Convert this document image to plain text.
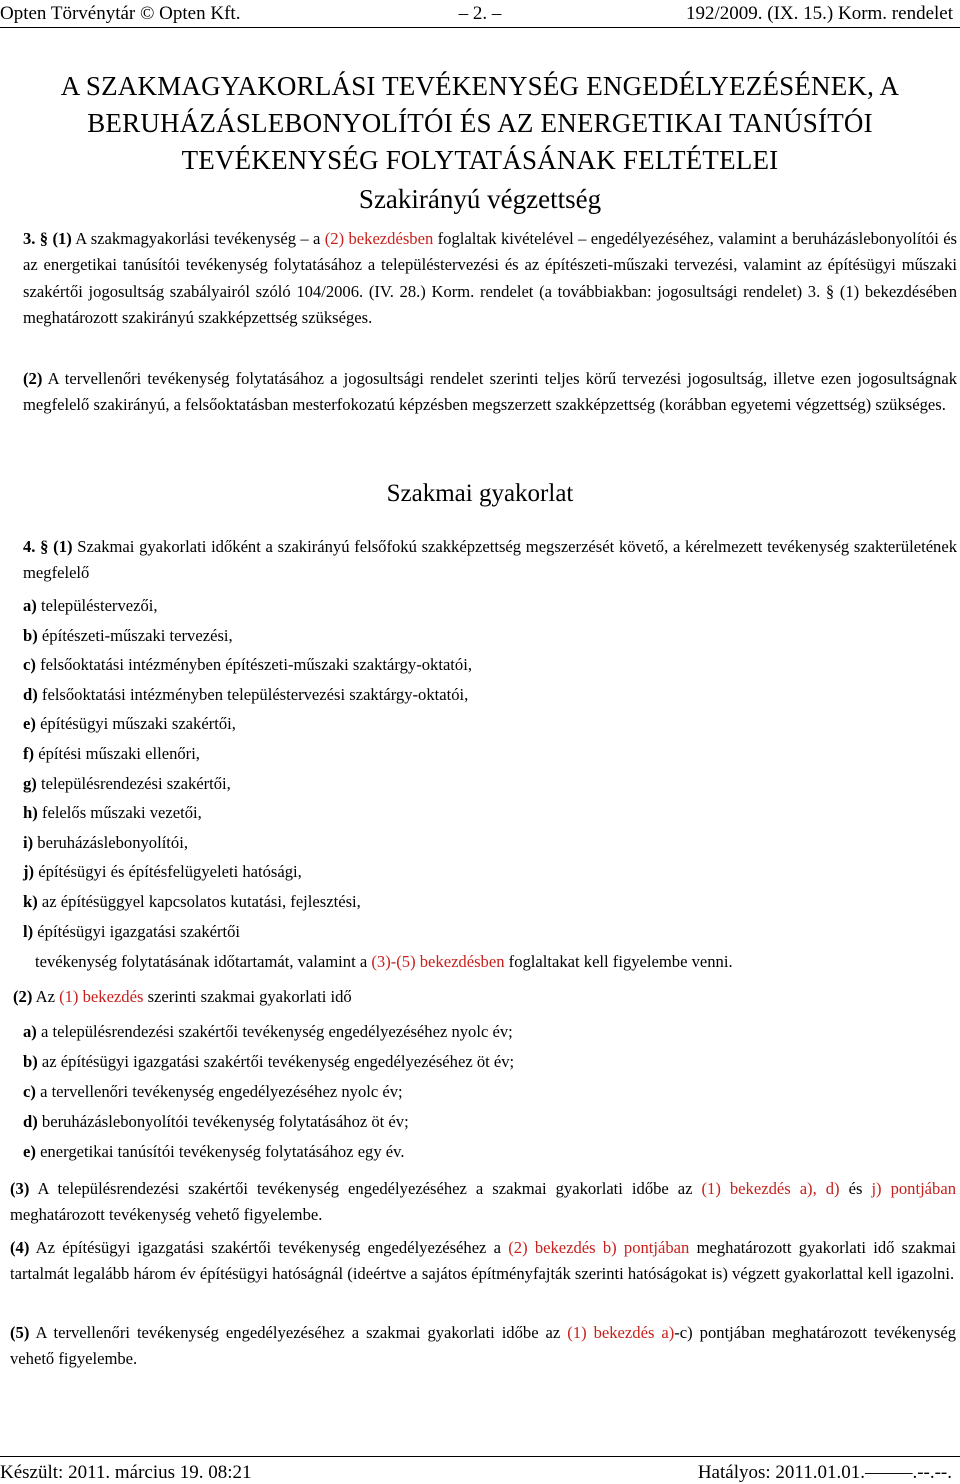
Opten Törvénytár © Opten Kft.	– 2. –	192/2009. (IX. 15.) Korm. rendelet
A SZAKMAGYAKORLÁSI TEVÉKENYSÉG ENGEDÉLYEZÉSÉNEK, A
BERUHÁZÁSLEBONYOLÍTÓI ÉS AZ ENERGETIKAI TANÚSÍTÓI
TEVÉKENYSÉG FOLYTATÁSÁNAK FELTÉTELEI
Szakirányú végzettség
3. § (1) A szakmagyakorlási tevékenység – a (2) bekezdésben foglaltak kivételével – engedélyezéséhez, valamint a beruházáslebonyolítói és az energetikai tanúsítói tevékenység folytatásához a településtervezési és az építészeti-műszaki tervezési, valamint az építésügyi műszaki szakértői jogosultság szabályairól szóló 104/2006. (IV. 28.) Korm. rendelet (a továbbiakban: jogosultsági rendelet) 3. § (1) bekezdésében meghatározott szakirányú szakképzettség szükséges.
(2) A tervellenőri tevékenység folytatásához a jogosultsági rendelet szerinti teljes körű tervezési jogosultság, illetve ezen jogosultságnak megfelelő szakirányú, a felsőoktatásban mesterfokozatú képzésben megszerzett szakképzettség (korábban egyetemi végzettség) szükséges.
Szakmai gyakorlat
4. § (1) Szakmai gyakorlati időként a szakirányú felsőfokú szakképzettség megszerzését követő, a kérelmezett tevékenység szakterületének megfelelő
a) településtervezői,
b) építészeti-műszaki tervezési,
c) felsőoktatási intézményben építészeti-műszaki szaktárgy-oktatói,
d) felsőoktatási intézményben településtervezési szaktárgy-oktatói,
e) építésügyi műszaki szakértői,
f) építési műszaki ellenőri,
g) településrendezési szakértői,
h) felelős műszaki vezetői,
i) beruházáslebonyolítói,
j) építésügyi és építésfelügyeleti hatósági,
k) az építésüggyel kapcsolatos kutatási, fejlesztési,
l) építésügyi igazgatási szakértői
tevékenység folytatásának időtartamát, valamint a (3)-(5) bekezdésben foglaltakat kell figyelembe venni.
(2) Az (1) bekezdés szerinti szakmai gyakorlati idő
a) a településrendezési szakértői tevékenység engedélyezéséhez nyolc év;
b) az építésügyi igazgatási szakértői tevékenység engedélyezéséhez öt év;
c) a tervellenőri tevékenység engedélyezéséhez nyolc év;
d) beruházáslebonyolítói tevékenység folytatásához öt év;
e) energetikai tanúsítói tevékenység folytatásához egy év.
(3) A településrendezési szakértői tevékenység engedélyezéséhez a szakmai gyakorlati időbe az (1) bekezdés a), d) és j) pontjában meghatározott tevékenység vehető figyelembe.
(4) Az építésügyi igazgatási szakértői tevékenység engedélyezéséhez a (2) bekezdés b) pontjában meghatározott gyakorlati idő szakmai tartalmát legalább három év építésügyi hatóságnál (ideértve a sajátos építményfajták szerinti hatóságokat is) végzett gyakorlattal kell igazolni.
(5) A tervellenőri tevékenység engedélyezéséhez a szakmai gyakorlati időbe az (1) bekezdés a)-c) pontjában meghatározott tevékenység vehető figyelembe.
Készült: 2011. március 19. 08:21	Hatályos: 2011.01.01.–––––.--.--.
